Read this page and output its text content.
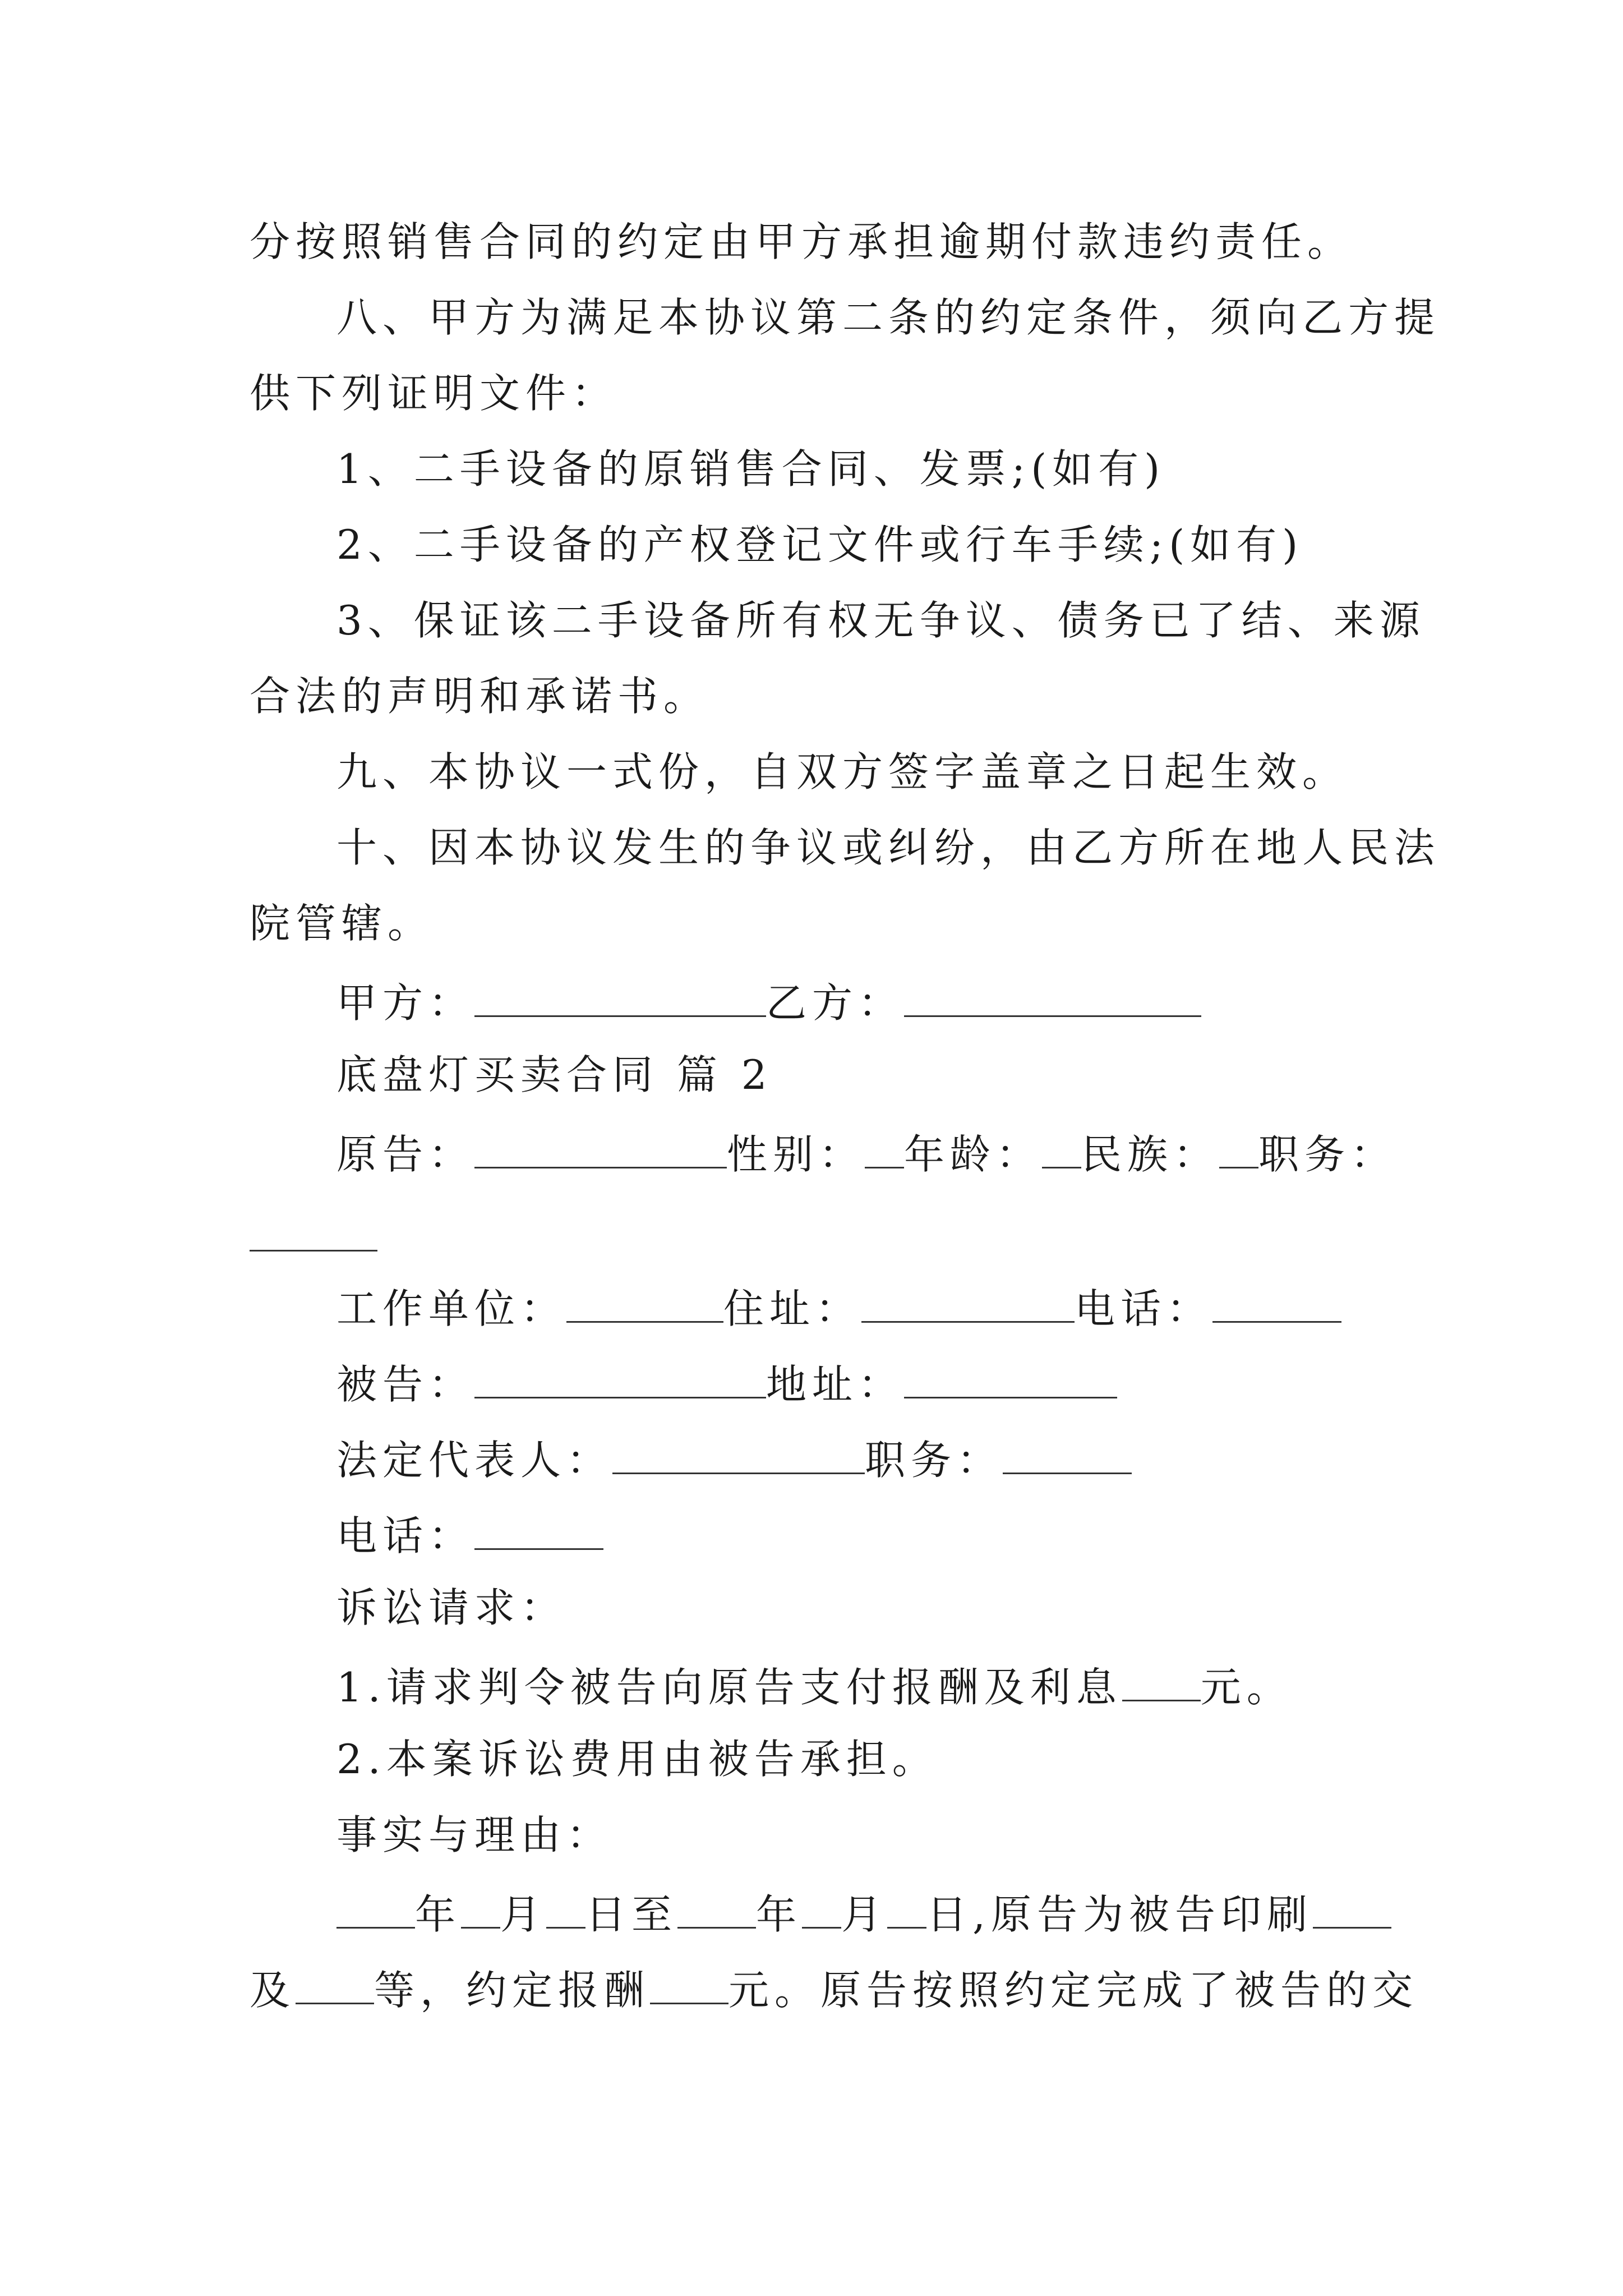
分按照销售合同的约定由甲方承担逾期付款违约责任。
八、甲方为满足本协议第二条的约定条件，须向乙方提
供下列证明文件：
1、二手设备的原销售合同、发票;(如有)
2、二手设备的产权登记文件或行车手续;(如有)
3、保证该二手设备所有权无争议、债务已了结、来源
合法的声明和承诺书。
九、本协议一式份，自双方签字盖章之日起生效。
十、因本协议发生的争议或纠纷，由乙方所在地人民法
院管辖。
甲方：	乙方：
底盘灯买卖合同 篇 2
原告：	性别： 年龄： 民族： 职务：
工作单位：	住址：	电话：
被告：	地址：
法定代表人：	职务：
电话：
诉讼请求：
1.请求判令被告向原告支付报酬及利息 元。
2.本案诉讼费用由被告承担。
事实与理由：
年 月 日至 年 月 日,原告为被告印刷
及 等，约定报酬 元。原告按照约定完成了被告的交
